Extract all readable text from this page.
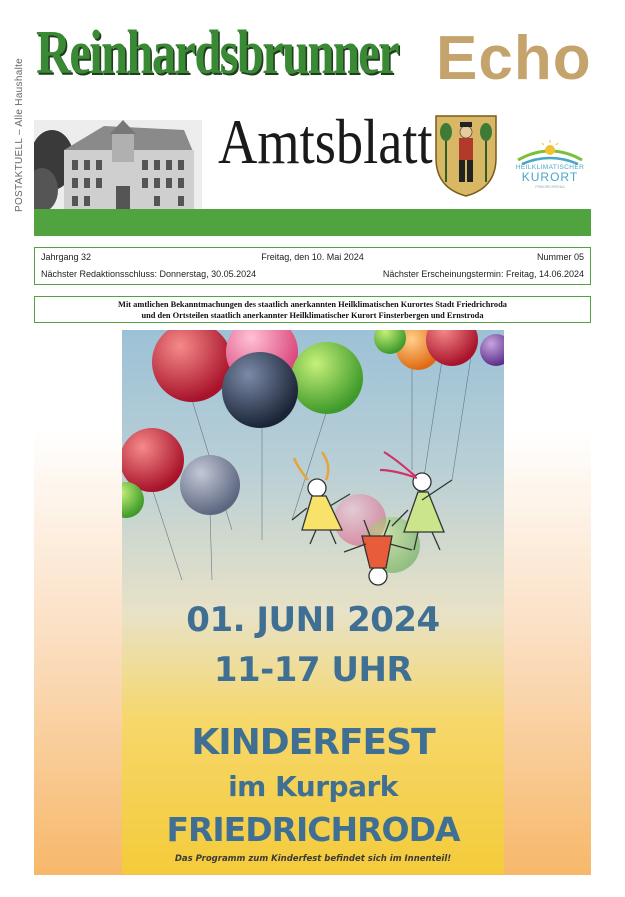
POSTAKTUELL – Alle Haushalte
Reinhardsbrunner Echo
Amtsblatt	HEILKLIMATISCHER
KURORT
FRIEDRICHRODA
Jahrgang 32	Freitag, den 10. Mai 2024	Nummer 05
Nächster Redaktionsschluss: Donnerstag, 30.05.2024	Nächster Erscheinungstermin: Freitag, 14.06.2024
Mit amtlichen Bekanntmachungen des staatlich anerkannten Heilklimatischen Kurortes Stadt Friedrichroda
und den Ortsteilen staatlich anerkannter Heilklimatischer Kurort Finsterbergen und Ernstroda
01. JUNI 2024
11-17 UHR
KINDERFEST
im Kurpark
FRIEDRICHRODA
Das Programm zum Kinderfest befindet sich im Innenteil!
